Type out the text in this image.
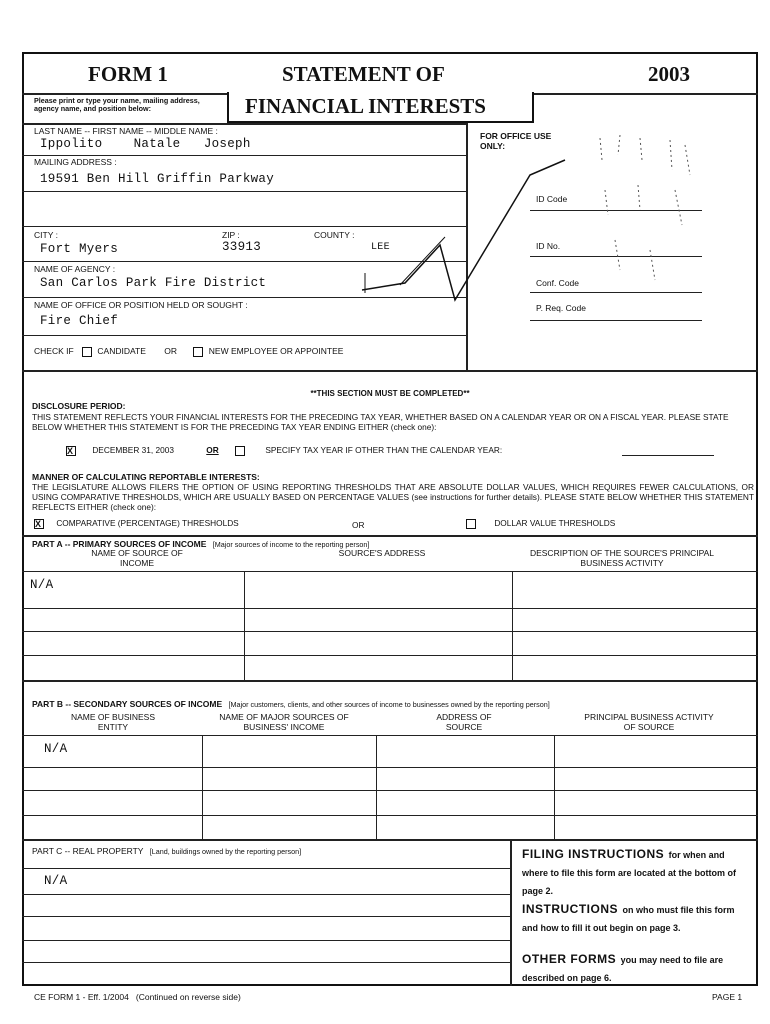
FORM 1	STATEMENT OF	2003
Please print or type your name, mailing address, agency name, and position below:	FINANCIAL INTERESTS
LAST NAME -- FIRST NAME -- MIDDLE NAME :
Ippolito    Natale   Joseph
MAILING ADDRESS :
19591 Ben Hill Griffin Parkway
CITY :
Fort Myers
ZIP :
33913
COUNTY :
LEE
NAME OF AGENCY :
San Carlos Park Fire District
NAME OF OFFICE OR POSITION HELD OR SOUGHT :
Fire Chief
CHECK IF	CANDIDATE OR	NEW EMPLOYEE OR APPOINTEE
FOR OFFICE USE ONLY:
ID Code
ID No.
Conf. Code
P. Req. Code
**THIS SECTION MUST BE COMPLETED**
DISCLOSURE PERIOD:
THIS STATEMENT REFLECTS YOUR FINANCIAL INTERESTS FOR THE PRECEDING TAX YEAR, WHETHER BASED ON A CALENDAR YEAR OR ON A FISCAL YEAR. PLEASE STATE BELOW WHETHER THIS STATEMENT IS FOR THE PRECEDING TAX YEAR ENDING EITHER (check one):
X DECEMBER 31, 2003	OR	SPECIFY TAX YEAR IF OTHER THAN THE CALENDAR YEAR:
MANNER OF CALCULATING REPORTABLE INTERESTS:
THE LEGISLATURE ALLOWS FILERS THE OPTION OF USING REPORTING THRESHOLDS THAT ARE ABSOLUTE DOLLAR VALUES, WHICH REQUIRES FEWER CALCULATIONS, OR USING COMPARATIVE THRESHOLDS, WHICH ARE USUALLY BASED ON PERCENTAGE VALUES (see instructions for further details). PLEASE STATE BELOW WHETHER THIS STATEMENT REFLECTS EITHER (check one):
X COMPARATIVE (PERCENTAGE) THRESHOLDS	OR	DOLLAR VALUE THRESHOLDS
PART A -- PRIMARY SOURCES OF INCOME [Major sources of income to the reporting person]
NAME OF SOURCE OF INCOME
SOURCE'S ADDRESS	DESCRIPTION OF THE SOURCE'S PRINCIPAL BUSINESS ACTIVITY
N/A
PART B -- SECONDARY SOURCES OF INCOME [Major customers, clients, and other sources of income to businesses owned by the reporting person]
NAME OF BUSINESS ENTITY
NAME OF MAJOR SOURCES OF BUSINESS' INCOME
ADDRESS OF SOURCE
PRINCIPAL BUSINESS ACTIVITY OF SOURCE
N/A
PART C -- REAL PROPERTY [Land, buildings owned by the reporting person]
N/A
FILING INSTRUCTIONS for when and where to file this form are located at the bottom of page 2.
INSTRUCTIONS on who must file this form and how to fill it out begin on page 3.
OTHER FORMS you may need to file are described on page 6.
CE FORM 1 - Eff. 1/2004   (Continued on reverse side)	PAGE 1
